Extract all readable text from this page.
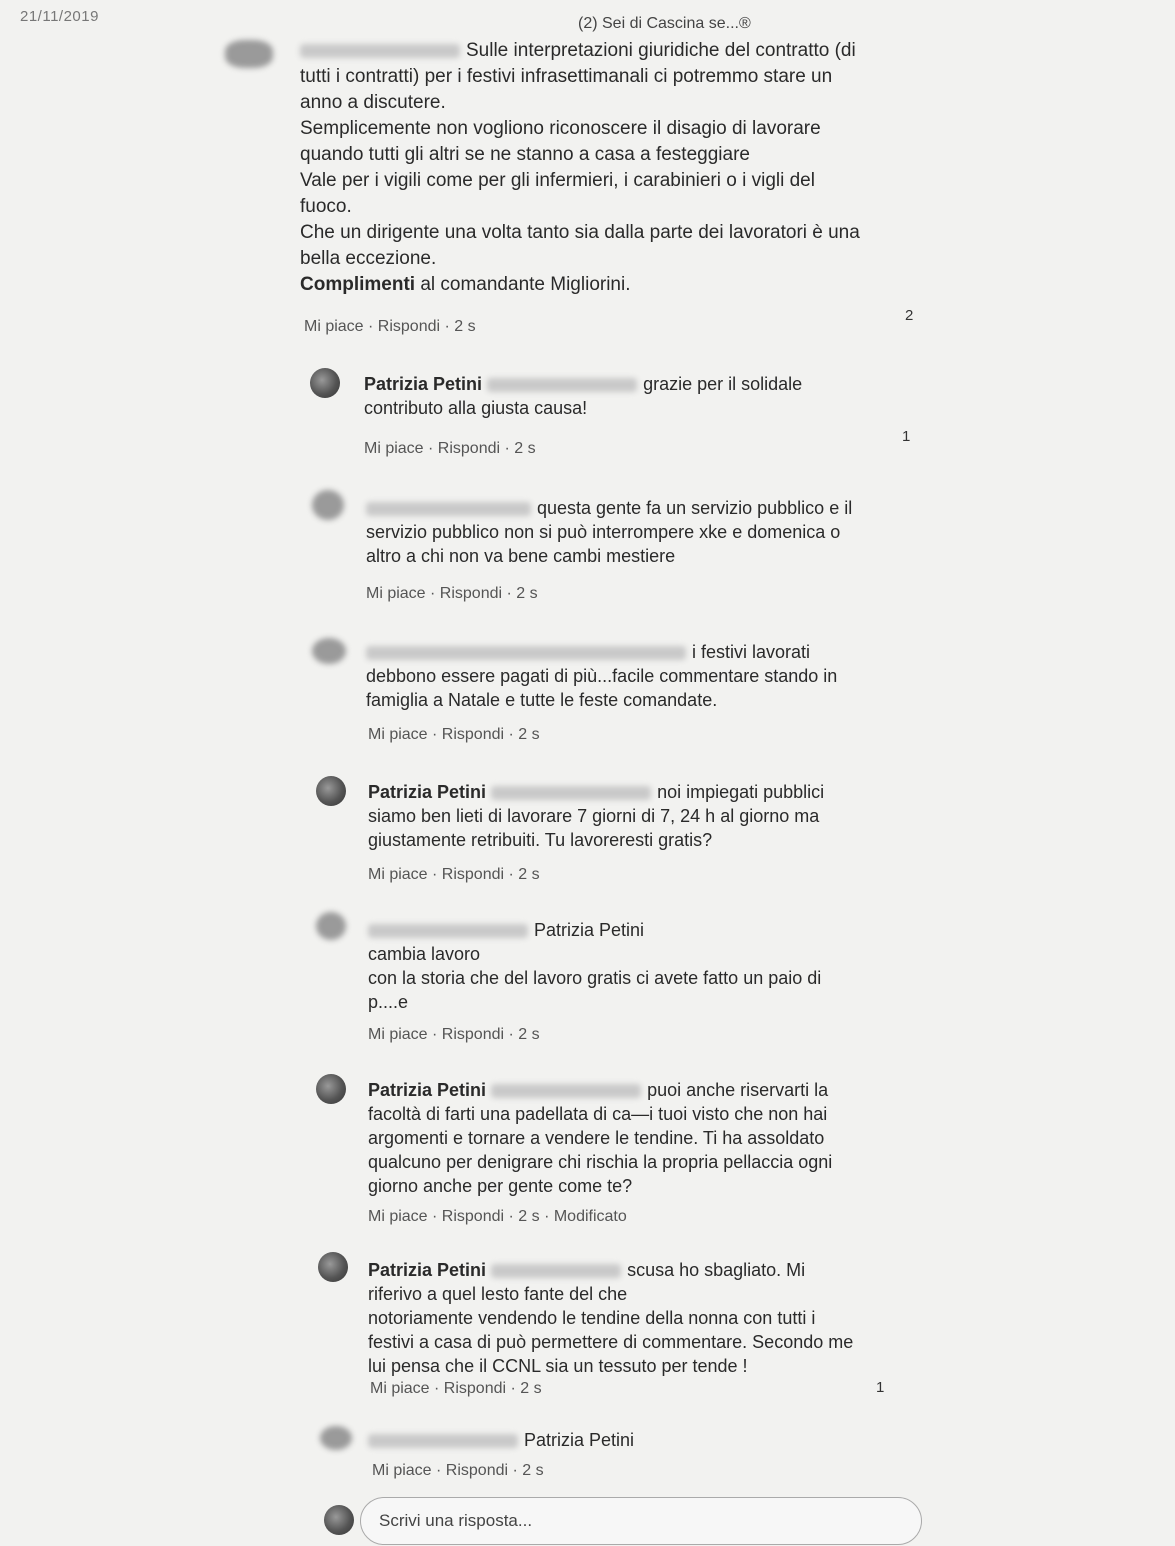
21/11/2019	(2) Sei di Cascina se...®

Sulle interpretazioni giuridiche del contratto (di

tutti i contratti) per i festivi infrasettimanali ci potremmo stare un

anno a discutere.

Semplicemente non vogliono riconoscere il disagio di lavorare

quando tutti gli altri se ne stanno a casa a festeggiare

Vale per i vigili come per gli infermieri, i carabinieri o i vigli del

fuoco.

Che un dirigente una volta tanto sia dalla parte dei lavoratori è una

bella eccezione.

Complimenti al comandante Migliorini.

Mi piace · Rispondi · 2 s
2

Patrizia Petini	grazie per il solidale

contributo alla giusta causa!

Mi piace · Rispondi · 2 s
1

questa gente fa un servizio pubblico e il

servizio pubblico non si può interrompere xke e domenica o

altro a chi non va bene cambi mestiere

Mi piace · Rispondi · 2 s

i festivi lavorati

debbono essere pagati di più...facile commentare stando in

famiglia a Natale e tutte le feste comandate.

Mi piace · Rispondi · 2 s

Patrizia Petini	noi impiegati pubblici

siamo ben lieti di lavorare 7 giorni di 7, 24 h al giorno ma

giustamente retribuiti. Tu lavoreresti gratis?

Mi piace · Rispondi · 2 s

Patrizia Petini

cambia lavoro

con la storia che del lavoro gratis ci avete fatto un paio di

p....e

Mi piace · Rispondi · 2 s

Patrizia Petini	puoi anche riservarti la

facoltà di farti una padellata di ca—i tuoi visto che non hai

argomenti e tornare a vendere le tendine. Ti ha assoldato

qualcuno per denigrare chi rischia la propria pellaccia ogni

giorno anche per gente come te?

Mi piace · Rispondi · 2 s · Modificato

Patrizia Petini	scusa ho sbagliato. Mi

riferivo a quel lesto fante del che

notoriamente vendendo le tendine della nonna con tutti i

festivi a casa di può permettere di commentare. Secondo me

lui pensa che il CCNL sia un tessuto per tende !

Mi piace · Rispondi · 2 s	1

Patrizia Petini

Mi piace · Rispondi · 2 s
Scrivi una risposta...
